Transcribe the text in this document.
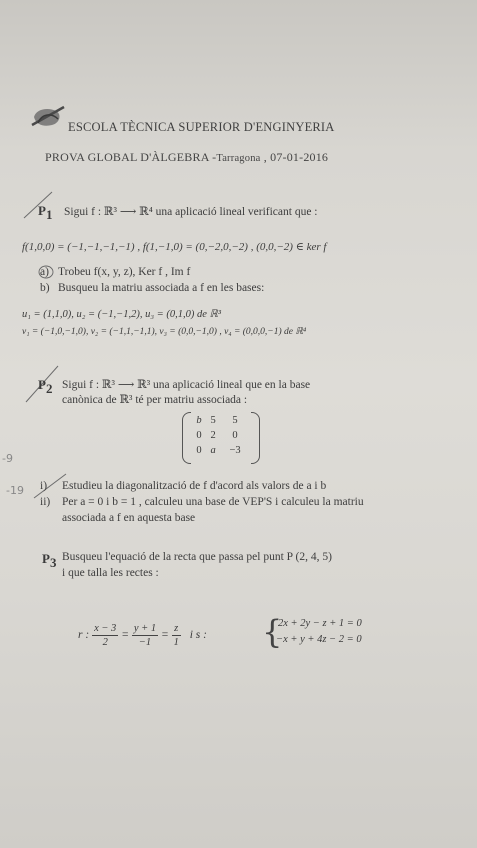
ESCOLA TÈCNICA SUPERIOR D'ENGINYERIA
PROVA GLOBAL D'ÀLGEBRA -Tarragona , 07-01-2016
$P_1$ Sigui f : ℝ³ ⟶ ℝ⁴ una aplicació lineal verificant que :
f(1,0,0) = (−1,−1,−1,−1) , f(1,−1,0) = (0,−2,0,−2) , (0,0,−2) ∈ ker f
a) Trobeu f(x, y, z), Ker f , Im f
b) Busqueu la matriu associada a f en les bases:
u₁ = (1,1,0), u₂ = (−1,−1,2), u₃ = (0,1,0) de ℝ³
v₁ = (−1,0,−1,0), v₂ = (−1,1,−1,1), v₃ = (0,0,−1,0) , v₄ = (0,0,0,−1) de ℝ⁴
$P_2$ Sigui f : ℝ³ ⟶ ℝ³ una aplicació lineal que en la base
canònica de ℝ³ té per matriu associada :
b	5	5
0	2	0
0	a	−3
-9
-19 i) Estudieu la diagonalització de f d'acord als valors de a i b
ii) Per a = 0 i b = 1 , calculeu una base de VEP'S i calculeu la matriu
associada a f en aquesta base
$P_3$ Busqueu l'equació de la recta que passa pel punt P (2, 4, 5)
i que talla les rectes :
r : $\frac{x - 3}{2} = \frac{y + 1}{-1} = \frac{z}{1}$ i s : {
2x + 2y − z + 1 = 0
−x + y + 4z − 2 = 0
